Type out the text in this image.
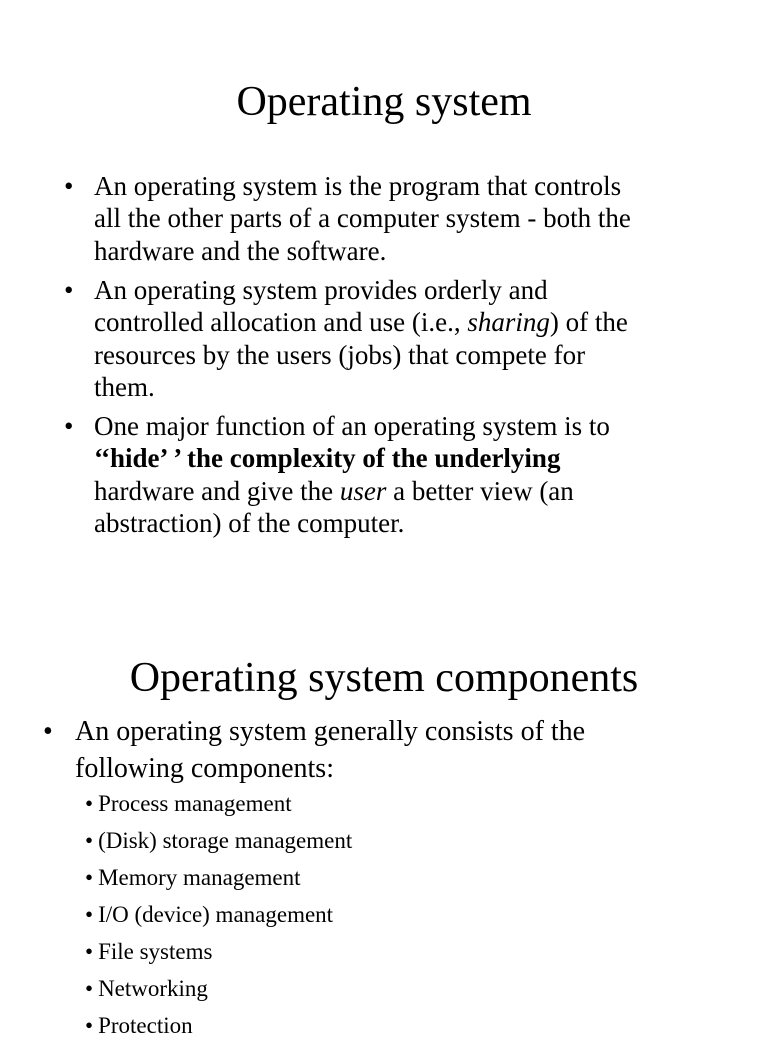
Operating system
• An operating system is the program that controls
all the other parts of a computer system - both the
hardware and the software.
• An operating system provides orderly and
controlled allocation and use (i.e., sharing) of the
resources by the users (jobs) that compete for
them.
• One major function of an operating system is to
‘‘hide’ ’ the complexity of the underlying
hardware and give the user a better view (an
abstraction) of the computer.
Operating system components
• An operating system generally consists of the
following components:
• Process management
• (Disk) storage management
• Memory management
• I/O (device) management
• File systems
• Networking
• Protection
